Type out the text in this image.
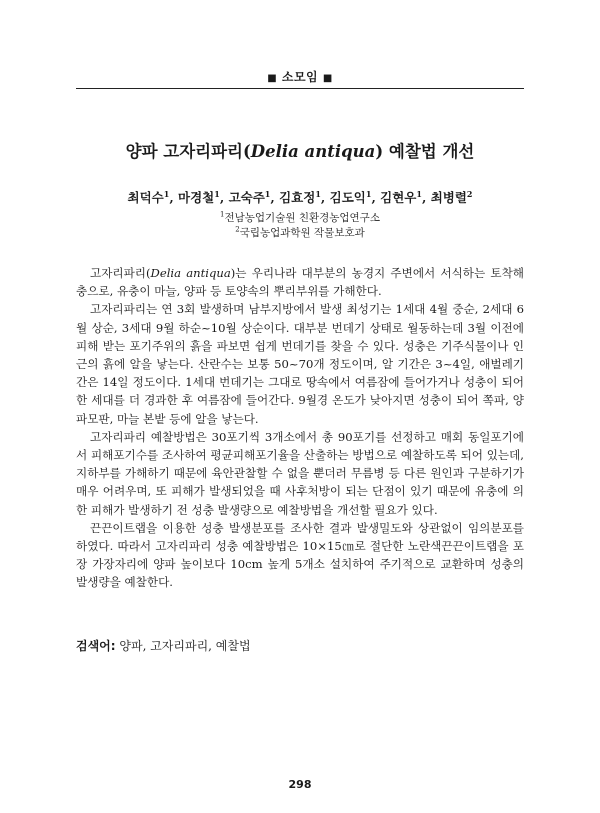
■ 소모임 ■
양파 고자리파리(Delia antiqua) 예찰법 개선
최덕수$^1$, 마경철$^1$, 고숙주$^1$, 김효정$^1$, 김도익$^1$, 김현우$^1$, 최병렬$^2$
$^1$전남농업기술원 친환경농업연구소
$^2$국립농업과학원 작물보호과

고자리파리(Delia antiqua)는 우리나라 대부분의 농경지 주변에서 서식하는 토착해충으로, 유충이 마늘, 양파 등 토양속의 뿌리부위를 가해한다.

고자리파리는 연 3회 발생하며 남부지방에서 발생 최성기는 1세대 4월 중순, 2세대 6월 상순, 3세대 9월 하순~10월 상순이다. 대부분 번데기 상태로 월동하는데 3월 이전에 피해 받는 포기주위의 흙을 파보면 쉽게 번데기를 찾을 수 있다. 성충은 기주식물이나 인근의 흙에 알을 낳는다. 산란수는 보통 50~70개 정도이며, 알 기간은 3~4일, 애벌레기간은 14일 정도이다. 1세대 번데기는 그대로 땅속에서 여름잠에 들어가거나 성충이 되어 한 세대를 더 경과한 후 여름잠에 들어간다. 9월경 온도가 낮아지면 성충이 되어 쪽파, 양파모판, 마늘 본밭 등에 알을 낳는다.

고자리파리 예찰방법은 30포기씩 3개소에서 총 90포기를 선정하고 매회 동일포기에서 피해포기수를 조사하여 평균피해포기율을 산출하는 방법으로 예찰하도록 되어 있는데, 지하부를 가해하기 때문에 육안관찰할 수 없을 뿐더러 무름병 등 다른 원인과 구분하기가 매우 어려우며, 또 피해가 발생되었을 때 사후처방이 되는 단점이 있기 때문에 유충에 의한 피해가 발생하기 전 성충 발생량으로 예찰방법을 개선할 필요가 있다.

끈끈이트랩을 이용한 성충 발생분포를 조사한 결과 발생밀도와 상관없이 임의분포를 하였다. 따라서 고자리파리 성충 예찰방법은 10×15㎝로 절단한 노란색끈끈이트랩을 포장 가장자리에 양파 높이보다 10cm 높게 5개소 설치하여 주기적으로 교환하며 성충의 발생량을 예찰한다.

검색어: 양파, 고자리파리, 예찰법
298
